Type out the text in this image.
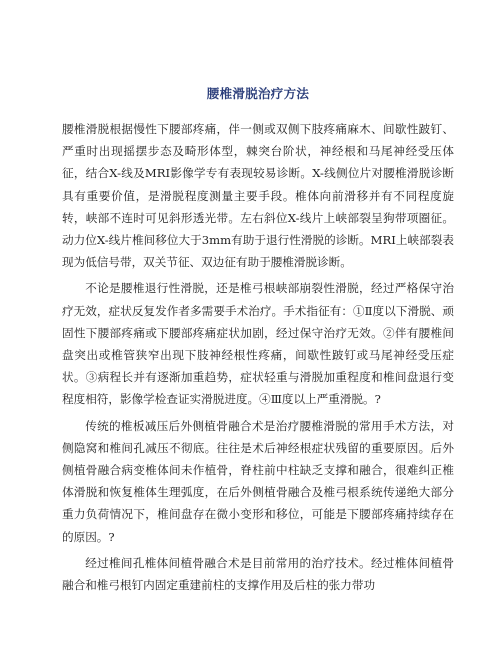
腰椎滑脱治疗方法

腰椎滑脱根据慢性下腰部疼痛，伴一侧或双侧下肢疼痛麻木、间歇性跛钉、严重时出现摇摆步态及畸形体型，棘突台阶状，神经根和马尾神经受压体征，结合X-线及MRI影像学专有表现较易诊断。X-线侧位片对腰椎滑脱诊断具有重要价值，是滑脱程度测量主要手段。椎体向前滑移并有不同程度旋转，峡部不连时可见斜形透光带。左右斜位X-线片上峡部裂呈狗带项圈征。动力位X-线片椎间移位大于3mm有助于退行性滑脱的诊断。MRI上峡部裂表现为低信号带，双关节征、双边征有助于腰椎滑脱诊断。

不论是腰椎退行性滑脱，还是椎弓根峡部崩裂性滑脱，经过严格保守治疗无效，症状反复发作者多需要手术治疗。手术指征有：①Ⅱ度以下滑脱、顽固性下腰部疼痛或下腰部疼痛症状加剧，经过保守治疗无效。②伴有腰椎间盘突出或椎管狭窄出现下肢神经根性疼痛，间歇性跛钉或马尾神经受压症状。③病程长并有逐渐加重趋势，症状轻重与滑脱加重程度和椎间盘退行变程度相符，影像学检查证实滑脱进度。④Ⅲ度以上严重滑脱。?

传统的椎板减压后外侧植骨融合术是治疗腰椎滑脱的常用手术方法，对侧隐窝和椎间孔减压不彻底。往往是术后神经根症状残留的重要原因。后外侧植骨融合病变椎体间未作植骨，脊柱前中柱缺乏支撑和融合，很难纠正椎体滑脱和恢复椎体生理弧度，在后外侧植骨融合及椎弓根系统传递绝大部分重力负荷情况下，椎间盘存在微小变形和移位，可能是下腰部疼痛持续存在的原因。?

经过椎间孔椎体间植骨融合术是目前常用的治疗技术。经过椎体间植骨融合和椎弓根钉内固定重建前柱的支撑作用及后柱的张力带功
